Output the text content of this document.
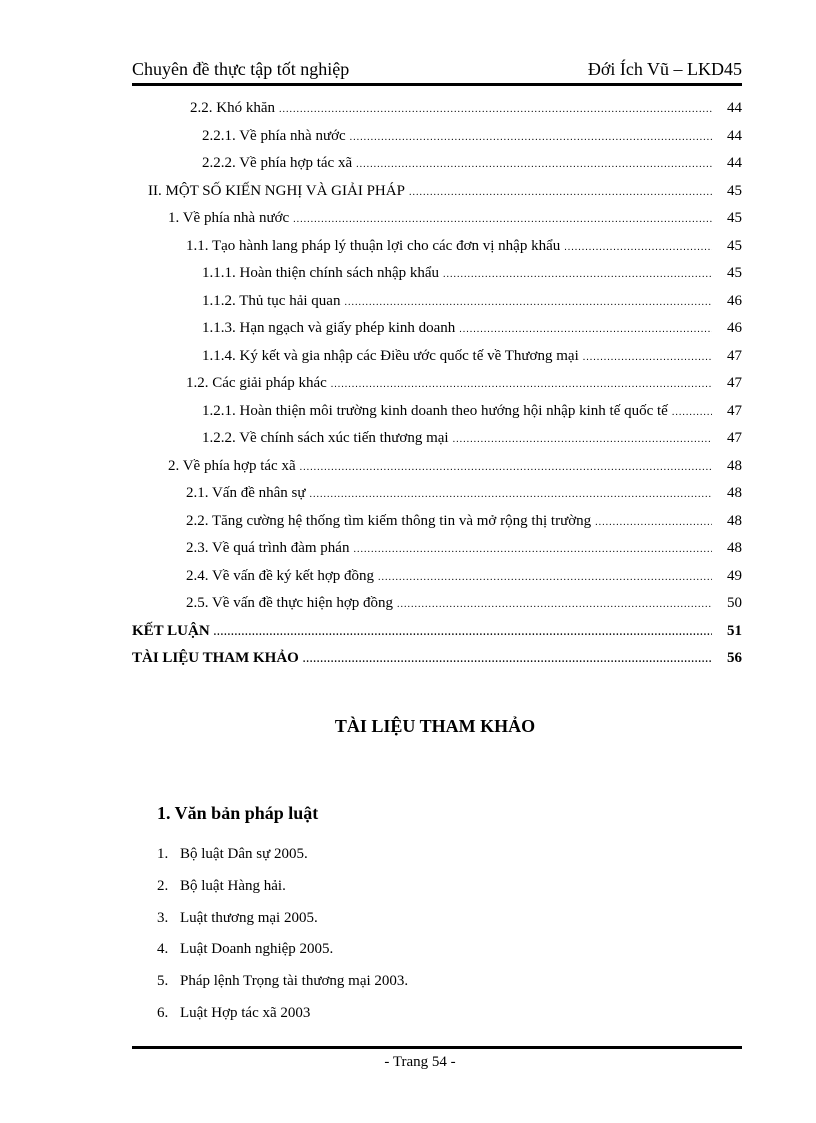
Chuyên đề thực tập tốt nghiệp	Đới Ích Vũ – LKD45
2.2. Khó khăn .....	44
2.2.1. Về phía nhà nước .....	44
2.2.2. Về phía hợp tác xã .....	44
II. MỘT SỐ KIẾN NGHỊ VÀ GIẢI PHÁP .....	45
1. Về phía nhà nước .....	45
1.1. Tạo hành lang pháp lý thuận lợi cho các đơn vị nhập khẩu .....	45
1.1.1. Hoàn thiện chính sách nhập khẩu .....	45
1.1.2. Thủ tục hải quan .....	46
1.1.3. Hạn ngạch và giấy phép kinh doanh .....	46
1.1.4. Ký kết và gia nhập các Điều ước quốc tế về Thương mại .....	47
1.2. Các giải pháp khác .....	47
1.2.1. Hoàn thiện môi trường kinh doanh theo hướng hội nhập kinh tế quốc tế .....	47
1.2.2. Về chính sách xúc tiến thương mại .....	47
2. Về phía hợp tác xã .....	48
2.1. Vấn đề nhân sự .....	48
2.2. Tăng cường hệ thống tìm kiếm thông tin và mở rộng thị trường .....	48
2.3. Về quá trình đàm phán .....	48
2.4. Về vấn đề ký kết hợp đồng .....	49
2.5. Về vấn đề thực hiện hợp đồng .....	50
KẾT LUẬN .....	51
TÀI LIỆU THAM KHẢO .....	56
TÀI LIỆU THAM KHẢO
1. Văn bản pháp luật
1. Bộ luật Dân sự 2005.
2. Bộ luật Hàng hải.
3. Luật thương mại 2005.
4. Luật Doanh nghiệp 2005.
5. Pháp lệnh Trọng tài thương mại 2003.
6. Luật Hợp tác xã 2003
- Trang 54 -
